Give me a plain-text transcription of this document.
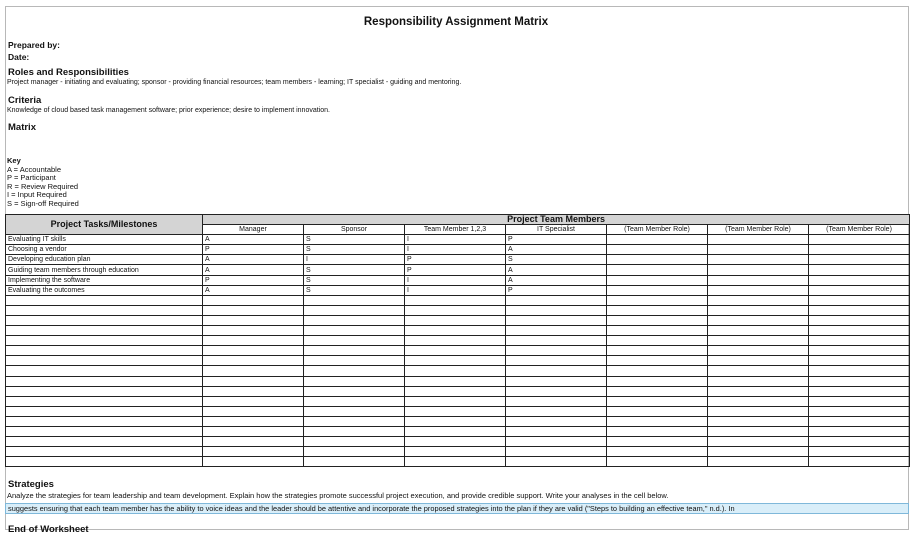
Responsibility Assignment Matrix
Prepared by:
Date:
Roles and Responsibilities
Project manager - initiating and evaluating; sponsor - providing financial resources; team members - learning; IT specialist - guiding and mentoring.
Criteria
Knowledge of cloud based task management software; prior experience; desire to implement innovation.
Matrix
Key
A = Accountable
P = Participant
R = Review Required
I = Input Required
S = Sign-off Required
Project Tasks/Milestones	Project Team Members						
	Manager	Sponsor	Team Member 1,2,3	IT Specialist	(Team Member Role)	(Team Member Role)	(Team Member Role)
Evaluating IT skills	A	S	I	P			
Choosing a vendor	P	S	I	A			
Developing education plan	A	I	P	S			
Guiding team members through education	A	S	P	A			
Implementing the software	P	S	I	A			
Evaluating the outcomes	A	S	I	P			

Strategies
Analyze the strategies for team leadership and team development. Explain how the strategies promote successful project execution, and provide credible support. Write your analyses in the cell below.
suggests ensuring that each team member has the ability to voice ideas and the leader should be attentive and incorporate the proposed strategies into the plan if they are valid ("Steps to building an effective team," n.d.). In
End of Worksheet
